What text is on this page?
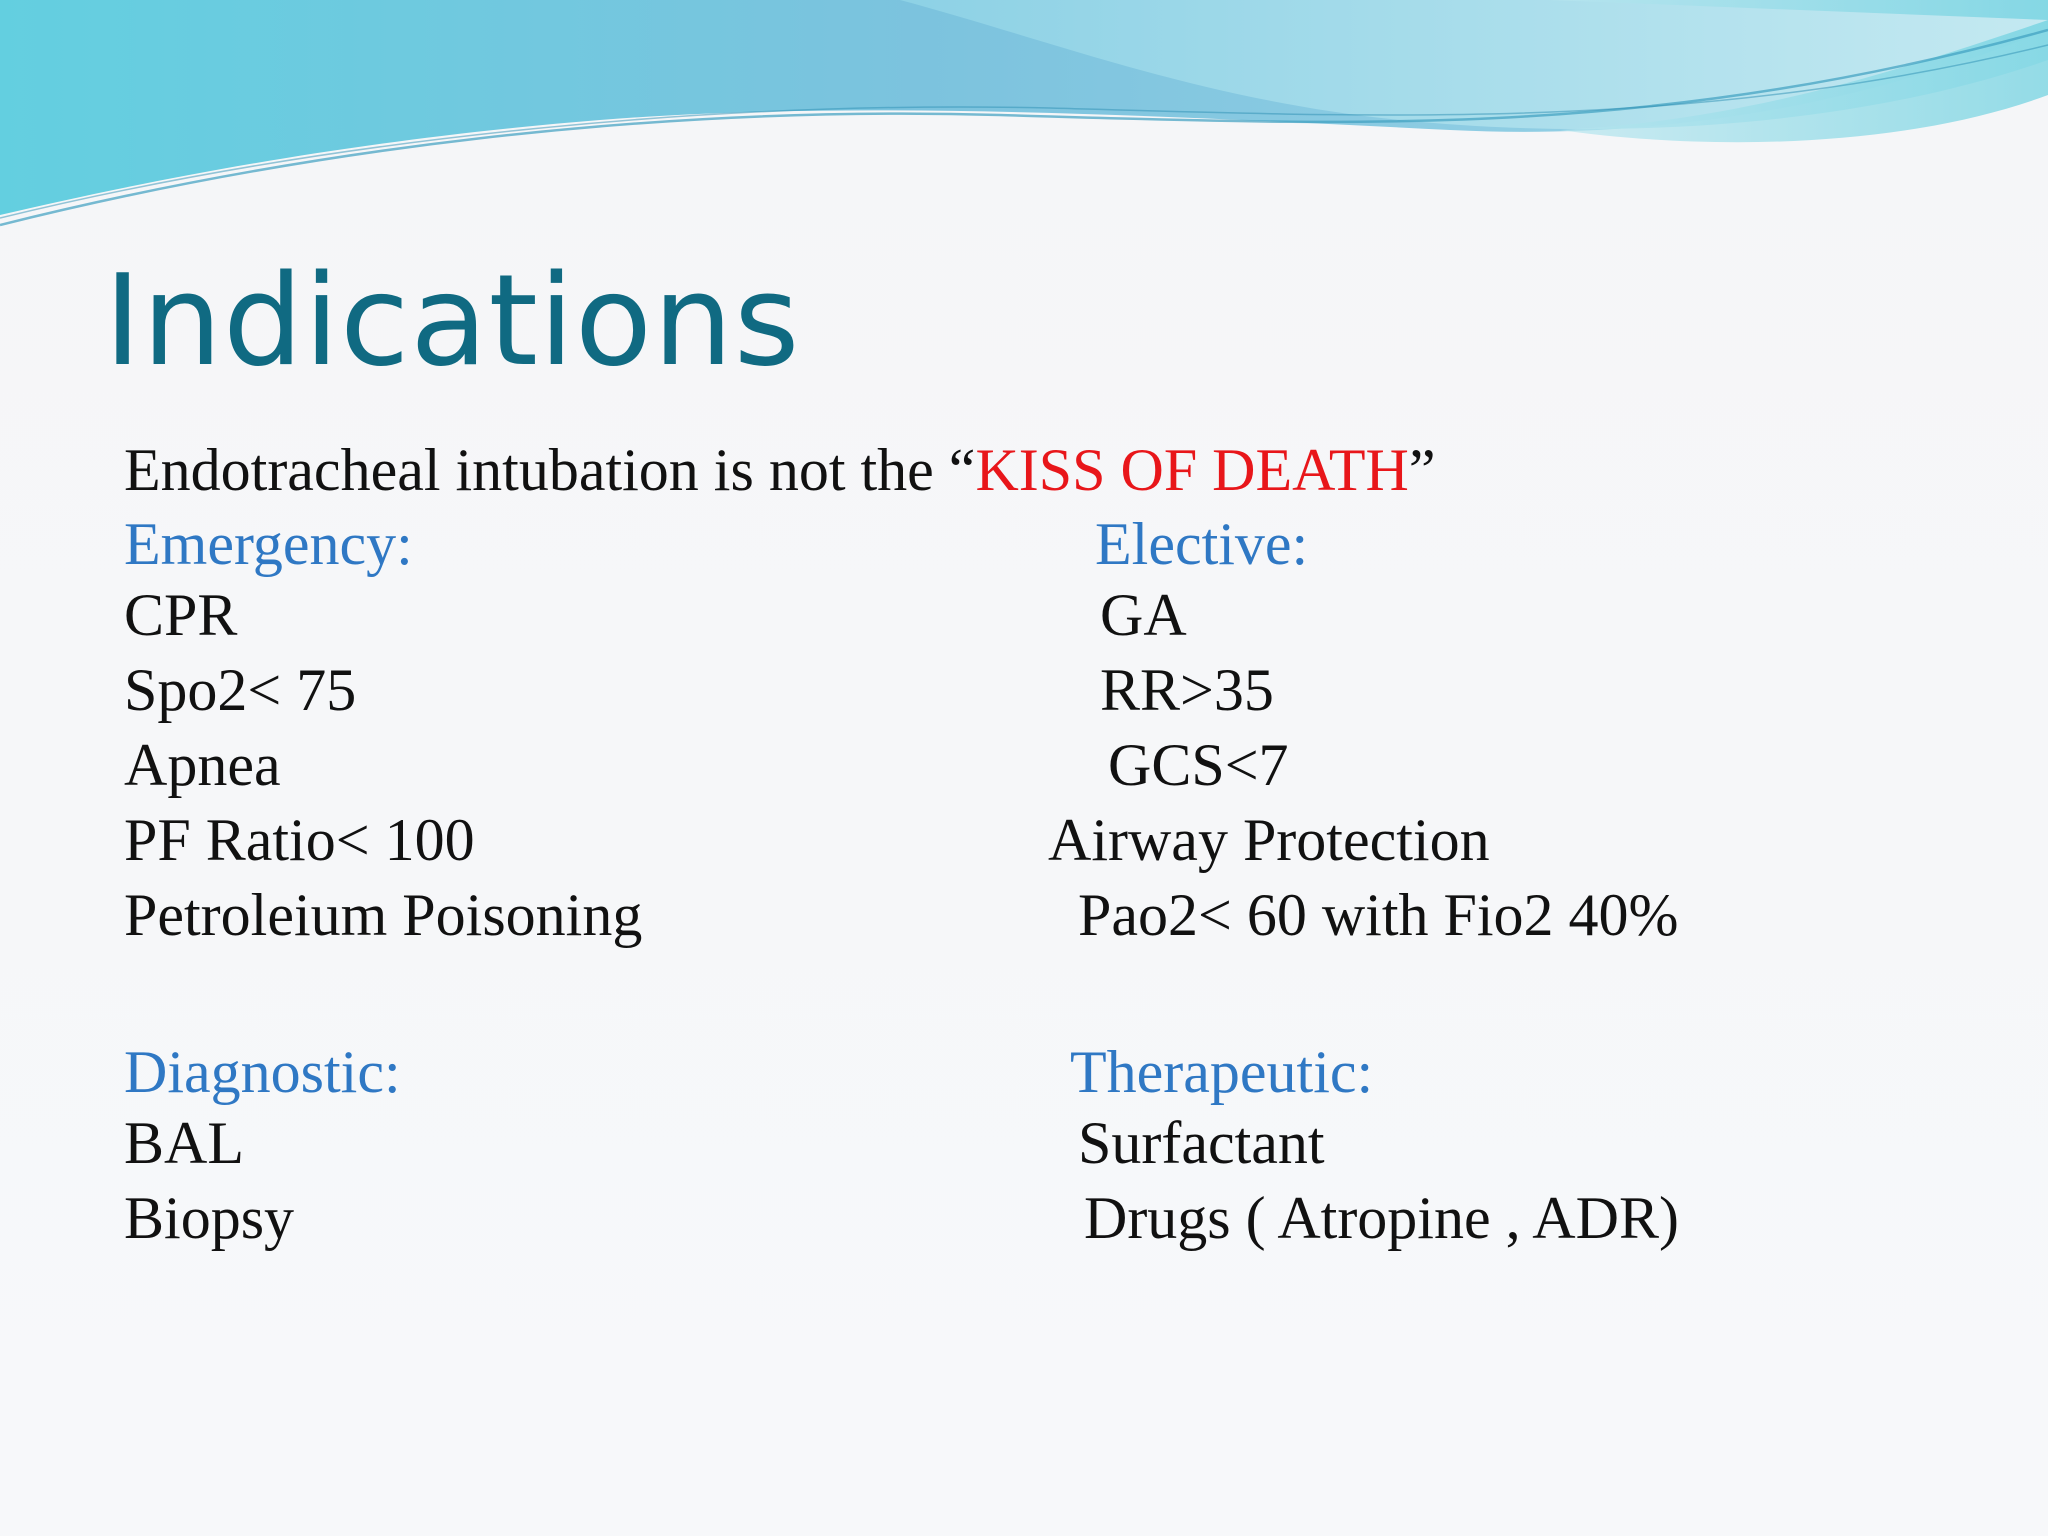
Indications

Endotracheal intubation is not the “KISS OF DEATH”

Emergency:

CPR
Spo2< 75
Apnea
PF Ratio< 100
Petroleium Poisoning

Elective:

GA
RR>35
GCS<7
Airway Protection
Pao2< 60 with Fio2 40%

Diagnostic:

BAL
Biopsy

Therapeutic:

Surfactant
Drugs ( Atropine , ADR)
